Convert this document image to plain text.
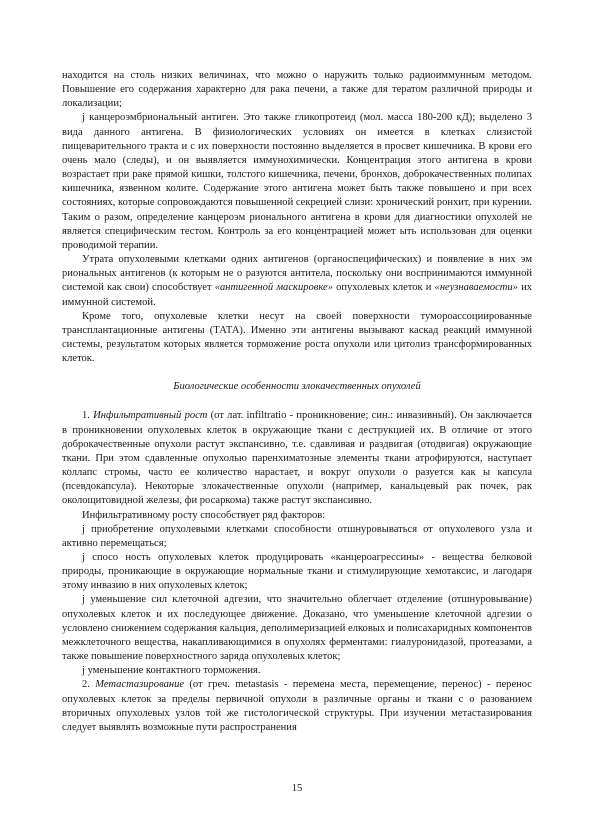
находится на столь низких величинах, что можно о наружить только радиоиммунным методом. Повышение его содержания характерно для рака печени, а также для тератом различной природы и локализации;

j канцероэмбриональный антиген. Это также гликопротеид (мол. масса 180-200 кД); выделено 3 вида данного антигена. В физиологических условиях он имеется в клетках слизистой пищеварительного тракта и с их поверхности постоянно выделяется в просвет кишечника. В крови его очень мало (следы), и он выявляется иммунохимически. Концентрация этого антигена в крови возрастает при раке прямой кишки, толстого кишечника, печени, бронхов, доброкачественных полипах кишечника, язвенном колите. Содержание этого антигена может быть также повышено и при всех состояниях, которые сопровождаются повышенной секрецией слизи: хронический ронхит, при курении. Таким о разом, определение канцероэм рионального антигена в крови для диагностики опухолей не является специфическим тестом. Контроль за его концентрацией может ыть использован для оценки проводимой терапии.

Утрата опухолевыми клетками одних антигенов (органоспецифических) и появление в них эм риональных антигенов (к которым не о разуются антитела, поскольку они воспринимаются иммунной системой как свои) способствует «антигенной маскировке» опухолевых клеток и «неузнаваемости» их иммунной системой.

Кроме того, опухолевые клетки несут на своей поверхности тумороассоциированные трансплантационные антигены (ТАТА). Именно эти антигены вызывают каскад реакций иммунной системы, результатом которых является торможение роста опухоли или цитолиз трансформированных клеток.

Биологические особенности злокачественных опухолей

1. Инфильтративный рост (от лат. infiltratio - проникновение; син.: инвазивный). Он заключается в проникновении опухолевых клеток в окружающие ткани с деструкцией их. В отличие от этого доброкачественные опухоли растут экспансивно, т.е. сдавливая и раздвигая (отодвигая) окружающие ткани. При этом сдавленные опухолью паренхиматозные элементы ткани атрофируются, наступает коллапс стромы, часто ее количество нарастает, и вокруг опухоли о разуется как ы капсула (псевдокапсула). Некоторые злокачественные опухоли (например, канальцевый рак почек, рак околощитовидной железы, фи росаркома) также растут экспансивно.

Инфильтративному росту способствует ряд факторов:

j приобретение опухолевыми клетками способности отшнуровываться от опухолевого узла и активно перемещаться;

j спосо ность опухолевых клеток продуцировать «канцероагрессины» - вещества белковой природы, проникающие в окружающие нормальные ткани и стимулирующие хемотаксис, и лагодаря этому инвазию в них опухолевых клеток;

j уменьшение сил клеточной адгезии, что значительно облегчает отделение (отшнуровывание) опухолевых клеток и их последующее движение. Доказано, что уменьшение клеточной адгезии о условлено снижением содержания кальция, деполимеризацией елковых и полисахаридных компонентов межклеточного вещества, накапливающимися в опухолях ферментами: гиалуронидазой, протеазами, а также повышение поверхностного заряда опухолевых клеток;

j уменьшение контактного торможения.

2. Метастазирование (от греч. metastasis - перемена места, перемещение, перенос) - перенос опухолевых клеток за пределы первичной опухоли в различные органы и ткани с о разованием вторичных опухолевых узлов той же гистологической структуры. При изучении метастазирования следует выявлять возможные пути распространения

15
